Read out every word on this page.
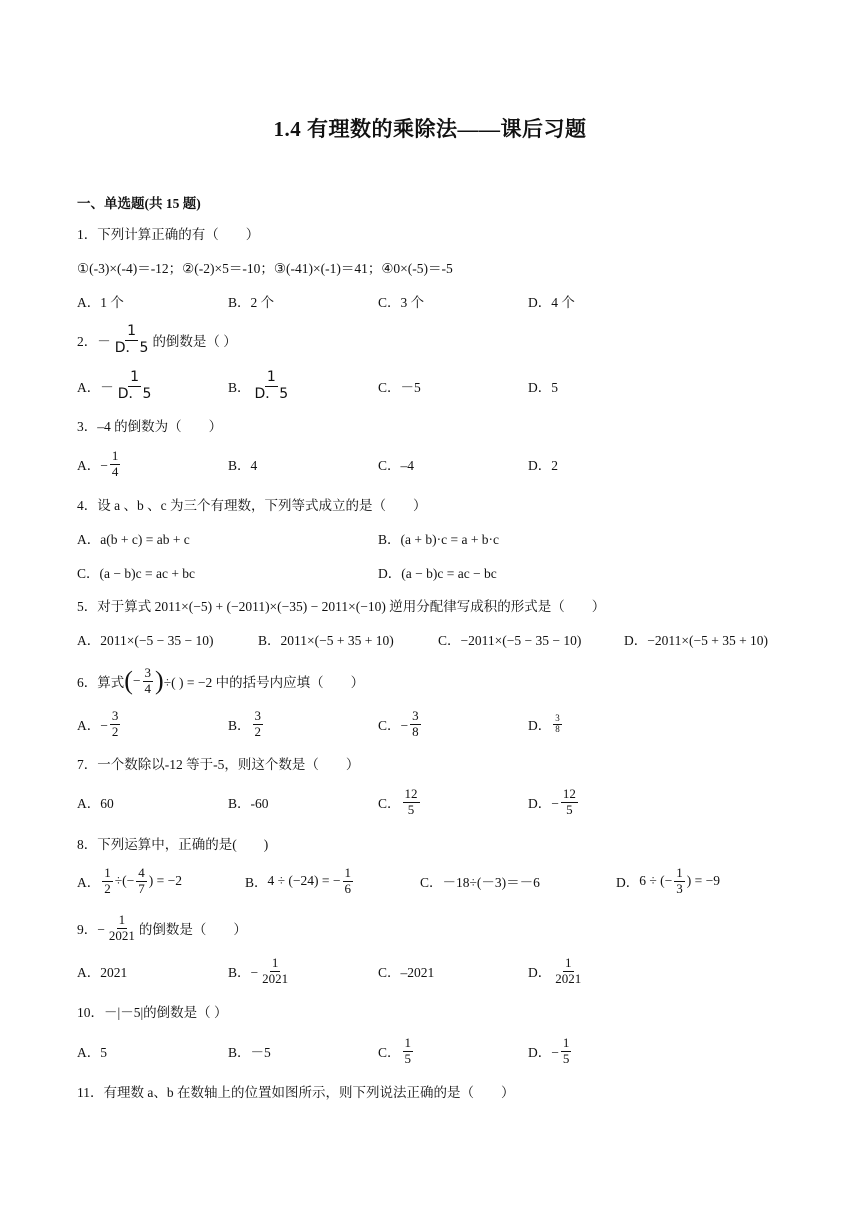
1.4 有理数的乘除法——课后习题
一、单选题(共 15 题)
1．下列计算正确的有（　　）
①(-3)×(-4)＝-12；②(-2)×5＝-10；③(-41)×(-1)＝41；④0×(-5)＝-5
A．1 个	B．2 个	C．3 个	D．4 个
2． － $\frac{1}{D.5}$ 的倒数是（ ）
A． － $\frac{1}{D.5}$	B． $\frac{1}{D.5}$	C．－5	D．5
3．–4 的倒数为（　　）
A．− $\frac{1}{4}$	B．4	C．–4	D．2
4．设 a 、b 、c 为三个有理数，下列等式成立的是（　　）
A．a(b + c) = ab + c	B．(a + b)·c = a + b·c
C．(a − b)c = ac + bc	D．(a − b)c = ac − bc
5．对于算式 2011×(−5) + (−2011)×(−35) − 2011×(−10) 逆用分配律写成积的形式是（　　）
A．2011×(−5 − 35 − 10)	B．2011×(−5 + 35 + 10)	C．−2011×(−5 − 35 − 10)	D．−2011×(−5 + 35 + 10)
6．算式 ( − $\frac{3}{4}$ ) ÷( ) = −2 中的括号内应填（　　）
A．− $\frac{3}{2}$	B． $\frac{3}{2}$	C．− $\frac{3}{8}$	D． $\frac{3}{8}$
7．一个数除以-12 等于-5，则这个数是（　　）
A．60	B．-60	C． $\frac{12}{5}$	D．− $\frac{12}{5}$
8．下列运算中，正确的是(　　)
A． $\frac{1}{2}$ ÷(− $\frac{4}{7}$ ) = −2	B． 4 ÷ (−24) = − $\frac{1}{6}$	C．－18÷(－3)＝－6	D． 6 ÷ (− $\frac{1}{3}$ ) = −9
9．− $\frac{1}{2021}$ 的倒数是（　　）
A．2021	B．− $\frac{1}{2021}$	C．–2021	D． $\frac{1}{2021}$
10．－|－5|的倒数是（ ）
A．5	B．－5	C． $\frac{1}{5}$	D．− $\frac{1}{5}$
11．有理数 a、b 在数轴上的位置如图所示，则下列说法正确的是（　　）
